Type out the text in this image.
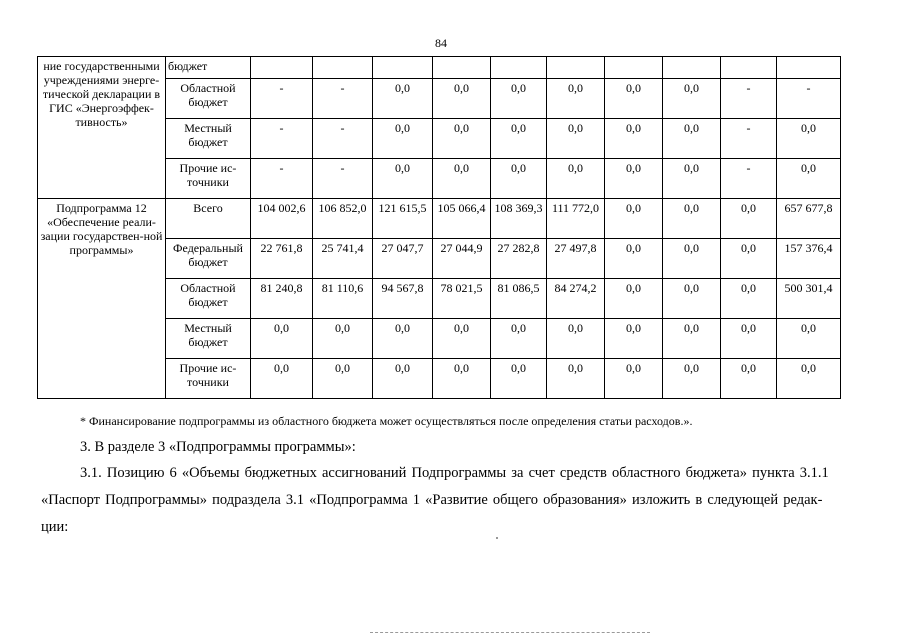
84
ние государственными учреждениями энерге-тической декларации в ГИС «Энергоэффек-тивность»	бюджет										
	Областной бюджет	-	-	0,0	0,0	0,0	0,0	0,0	0,0	-	-
	Местный бюджет	-	-	0,0	0,0	0,0	0,0	0,0	0,0	-	0,0
	Прочие ис-точники	-	-	0,0	0,0	0,0	0,0	0,0	0,0	-	0,0
Подпрограмма 12 «Обеспечение реали-зации государствен-ной программы»	Всего	104 002,6	106 852,0	121 615,5	105 066,4	108 369,3	111 772,0	0,0	0,0	0,0	657 677,8
	Федеральный бюджет	22 761,8	25 741,4	27 047,7	27 044,9	27 282,8	27 497,8	0,0	0,0	0,0	157 376,4
	Областной бюджет	81 240,8	81 110,6	94 567,8	78 021,5	81 086,5	84 274,2	0,0	0,0	0,0	500 301,4
	Местный бюджет	0,0	0,0	0,0	0,0	0,0	0,0	0,0	0,0	0,0	0,0
	Прочие ис-точники	0,0	0,0	0,0	0,0	0,0	0,0	0,0	0,0	0,0	0,0
* Финансирование подпрограммы из областного бюджета может осуществляться после определения статьи расходов.».
3. В разделе 3 «Подпрограммы программы»:
3.1. Позицию 6 «Объемы бюджетных ассигнований Подпрограммы за счет средств областного бюджета» пункта 3.1.1
«Паспорт Подпрограммы» подраздела 3.1 «Подпрограмма 1 «Развитие общего образования» изложить в следующей редак-
ции:
